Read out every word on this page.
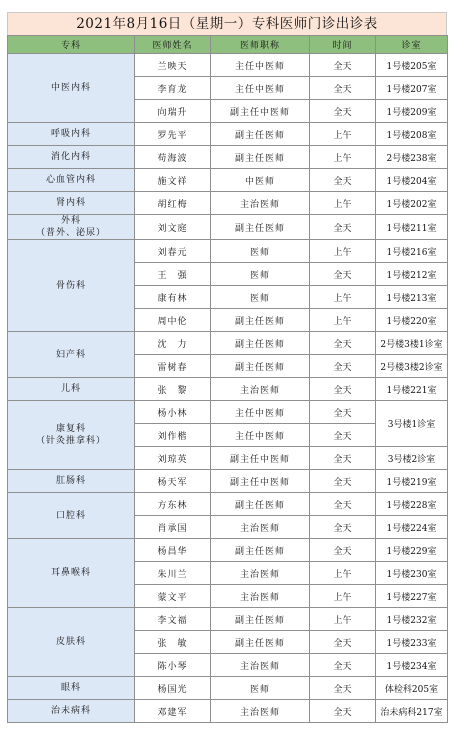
2021年8月16日（星期一）专科医师门诊出诊表
专科	医师姓名	医师职称	时间	诊室

中医内科	兰映天	主任中医师	全天	1号楼205室
	李育龙	主任中医师	全天	1号楼207室
	向瑞升	副主任中医师	全天	1号楼209室

呼吸内科	罗先平	副主任医师	上午	1号楼208室

消化内科	苟海波	副主任医师	上午	2号楼238室

心血管内科	施文祥	中医师	全天	1号楼204室

肾内科	胡红梅	主治医师	上午	1号楼202室

外科
（普外、泌尿）	刘文庭	副主任医师	全天	1号楼211室

骨伤科	刘春元	医师	上午	1号楼216室
	王　强	医师	全天	1号楼212室
	康有林	医师	上午	1号楼213室
	周中伦	副主任医师	上午	1号楼220室

妇产科	沈　力	副主任医师	全天	2号楼3楼1诊室
	雷树春	副主任医师	全天	2号楼3楼2诊室

儿科	张　黎	主治医师	全天	1号楼221室

康复科
（针灸推拿科）	杨小林	主任中医师	全天	3号楼1诊室
	刘作楷	主任中医师	全天	
	刘琼英	副主任中医师	全天	3号楼2诊室

肛肠科	杨天军	副主任中医师	全天	1号楼219室

口腔科	方东林	副主任医师	全天	1号楼228室
	肖承国	主治医师	全天	1号楼224室

耳鼻喉科	杨昌华	副主任医师	全天	1号楼229室
	朱川兰	主治医师	上午	1号楼230室
	蒙文平	主治医师	上午	1号楼227室

皮肤科	李文福	副主任医师	上午	1号楼232室
	张　敏	副主任医师	全天	1号楼233室
	陈小琴	主治医师	全天	1号楼234室

眼科	杨国光	医师	全天	体检科205室

治未病科	邓建军	主治医师	全天	治未病科217室
